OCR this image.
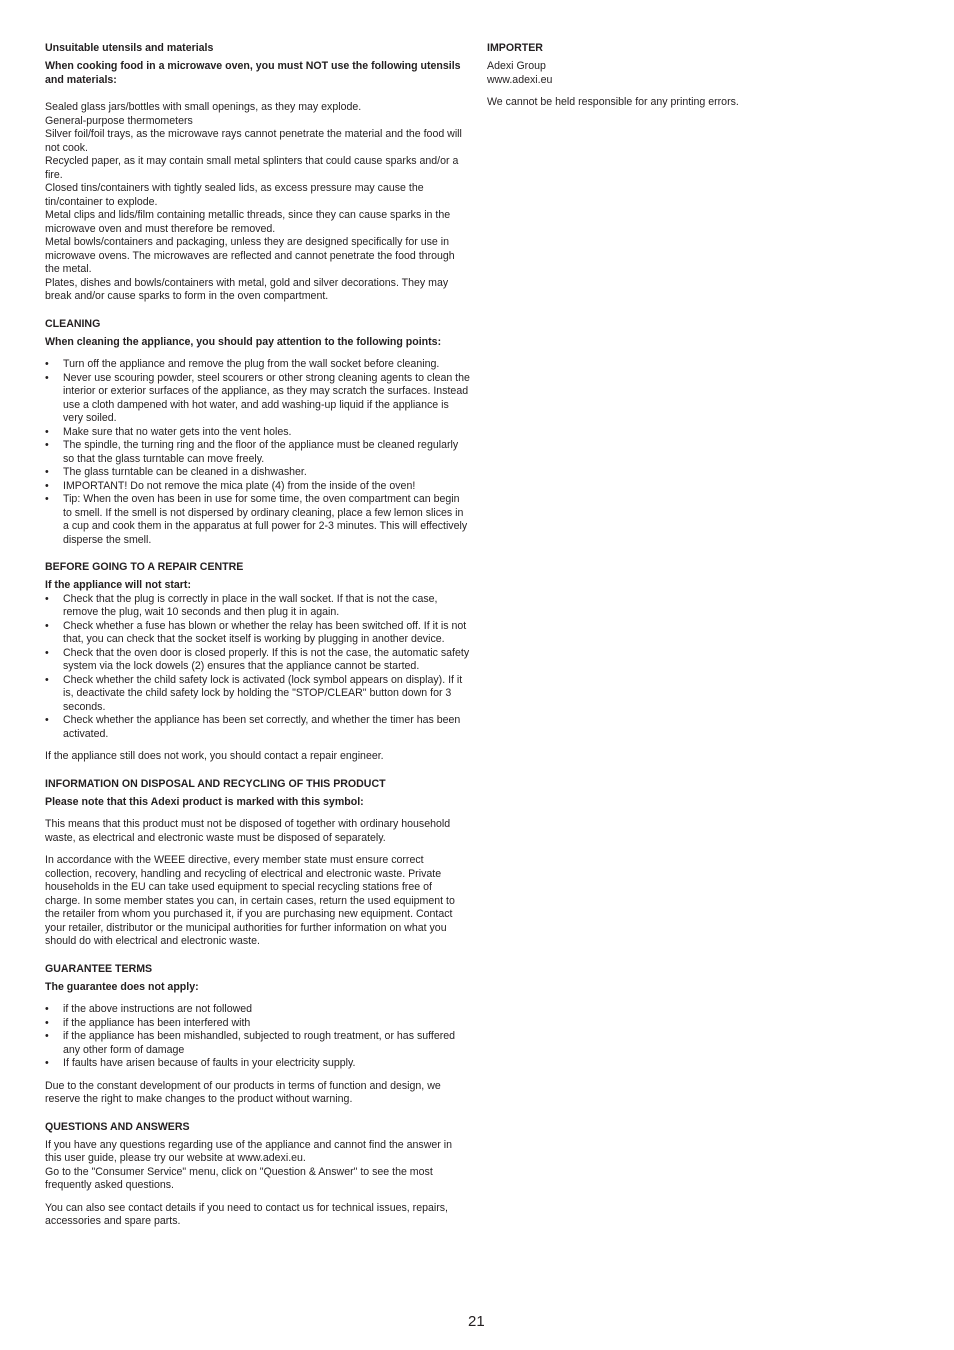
Unsuitable utensils and materials

When cooking food in a microwave oven, you must NOT use the following utensils and materials:

Sealed glass jars/bottles with small openings, as they may explode.

General-purpose thermometers

Silver foil/foil trays, as the microwave rays cannot penetrate the material and the food will not cook.

Recycled paper, as it may contain small metal splinters that could cause sparks and/or a fire.

Closed tins/containers with tightly sealed lids, as excess pressure may cause the tin/container to explode.

Metal clips and lids/film containing metallic threads, since they can cause sparks in the microwave oven and must therefore be removed.

Metal bowls/containers and packaging, unless they are designed specifically for use in microwave ovens. The microwaves are reflected and cannot penetrate the food through the metal.

Plates, dishes and bowls/containers with metal, gold and silver decorations. They may break and/or cause sparks to form in the oven compartment.

CLEANING

When cleaning the appliance, you should pay attention to the following points:

• Turn off the appliance and remove the plug from the wall socket before cleaning.
• Never use scouring powder, steel scourers or other strong cleaning agents to clean the interior or exterior surfaces of the appliance, as they may scratch the surfaces. Instead use a cloth dampened with hot water, and add washing-up liquid if the appliance is very soiled.
• Make sure that no water gets into the vent holes.
• The spindle, the turning ring and the floor of the appliance must be cleaned regularly so that the glass turntable can move freely.
• The glass turntable can be cleaned in a dishwasher.
• IMPORTANT! Do not remove the mica plate (4) from the inside of the oven!
• Tip: When the oven has been in use for some time, the oven compartment can begin to smell. If the smell is not dispersed by ordinary cleaning, place a few lemon slices in a cup and cook them in the apparatus at full power for 2-3 minutes. This will effectively disperse the smell.
BEFORE GOING TO A REPAIR CENTRE

If the appliance will not start:

• Check that the plug is correctly in place in the wall socket. If that is not the case, remove the plug, wait 10 seconds and then plug it in again.
• Check whether a fuse has blown or whether the relay has been switched off. If it is not that, you can check that the socket itself is working by plugging in another device.
• Check that the oven door is closed properly. If this is not the case, the automatic safety system via the lock dowels (2) ensures that the appliance cannot be started.
• Check whether the child safety lock is activated (lock symbol appears on display). If it is, deactivate the child safety lock by holding the "STOP/CLEAR" button down for 3 seconds.
• Check whether the appliance has been set correctly, and whether the timer has been activated.

If the appliance still does not work, you should contact a repair engineer.

INFORMATION ON DISPOSAL AND RECYCLING OF THIS PRODUCT

Please note that this Adexi product is marked with this symbol:

This means that this product must not be disposed of together with ordinary household waste, as electrical and electronic waste must be disposed of separately.

In accordance with the WEEE directive, every member state must ensure correct collection, recovery, handling and recycling of electrical and electronic waste. Private households in the EU can take used equipment to special recycling stations free of charge. In some member states you can, in certain cases, return the used equipment to the retailer from whom you purchased it, if you are purchasing new equipment. Contact your retailer, distributor or the municipal authorities for further information on what you should do with electrical and electronic waste.

GUARANTEE TERMS

The guarantee does not apply:

• if the above instructions are not followed
• if the appliance has been interfered with
• if the appliance has been mishandled, subjected to rough treatment, or has suffered any other form of damage
• If faults have arisen because of faults in your electricity supply.

Due to the constant development of our products in terms of function and design, we reserve the right to make changes to the product without warning.

QUESTIONS AND ANSWERS

If you have any questions regarding use of the appliance and cannot find the answer in this user guide, please try our website at www.adexi.eu.

Go to the "Consumer Service" menu, click on "Question & Answer" to see the most frequently asked questions.

You can also see contact details if you need to contact us for technical issues, repairs, accessories and spare parts.

IMPORTER

Adexi Group

www.adexi.eu

We cannot be held responsible for any printing errors.

21
